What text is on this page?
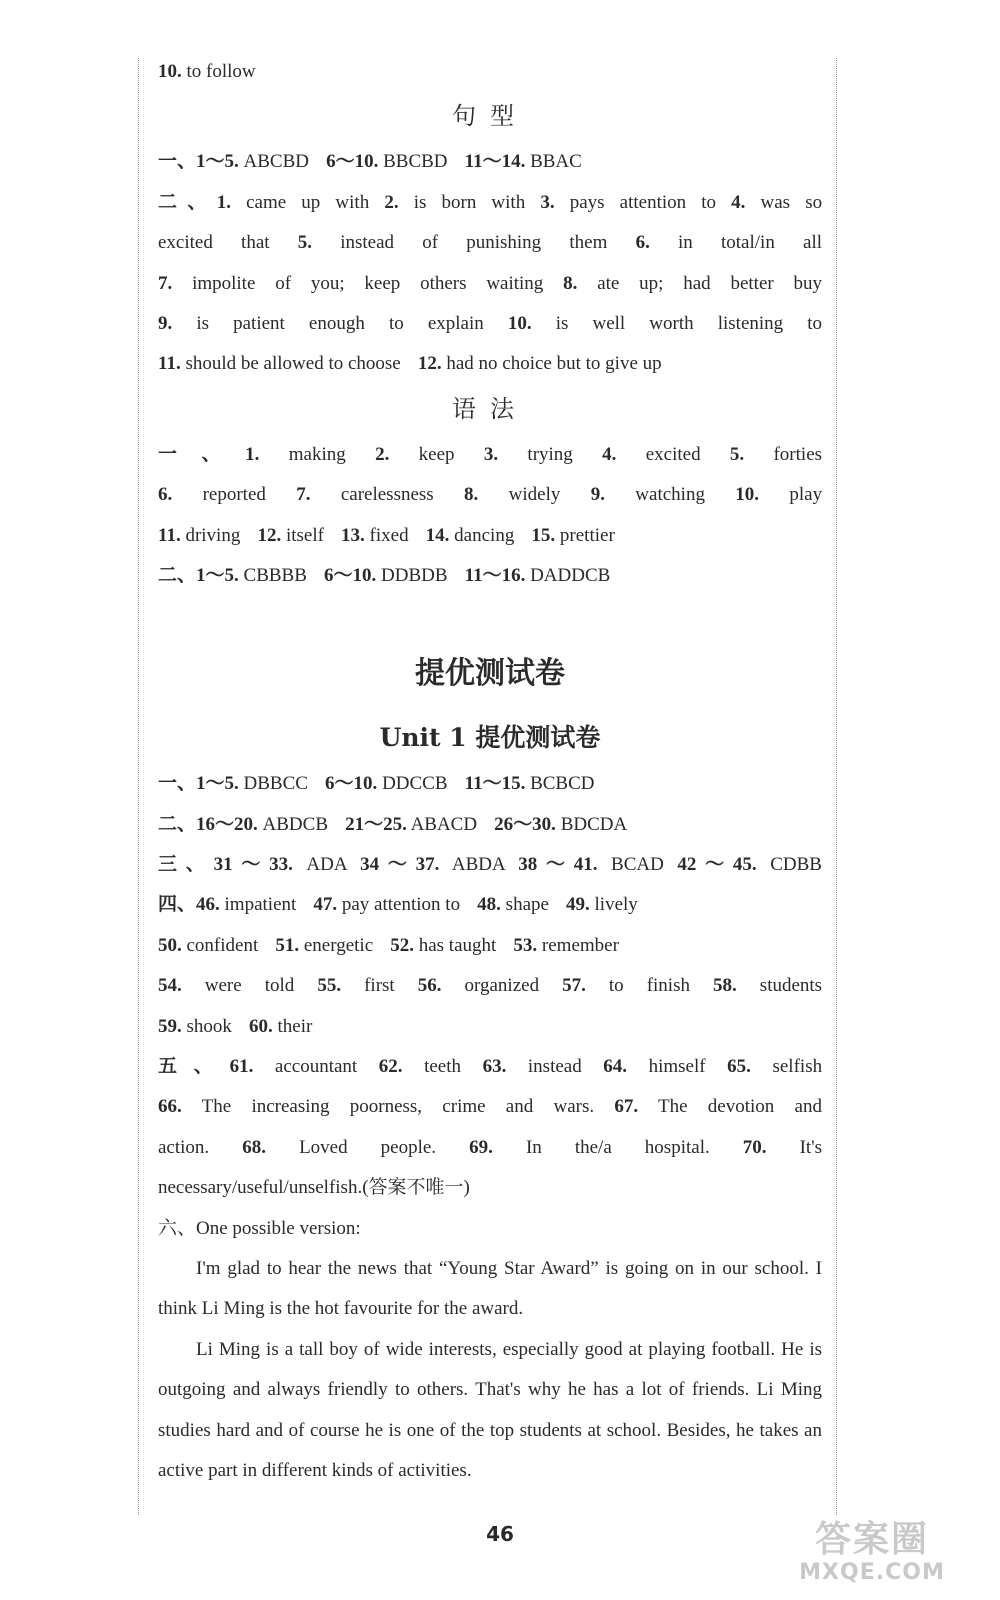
10. to follow
句型
一、1～5. ABCBD 6～10. BBCBD 11～14. BBAC
二、1. came up with 2. is born with 3. pays attention to 4. was so
excited that 5. instead of punishing them 6. in total/in all
7. impolite of you; keep others waiting 8. ate up; had better buy
9. is patient enough to explain 10. is well worth listening to
11. should be allowed to choose 12. had no choice but to give up
语法
一、1. making 2. keep 3. trying 4. excited 5. forties
6. reported 7. carelessness 8. widely 9. watching 10. play
11. driving 12. itself 13. fixed 14. dancing 15. prettier
二、1～5. CBBBB 6～10. DDBDB 11～16. DADDCB
提优测试卷
Unit 1 提优测试卷
一、1～5. DBBCC 6～10. DDCCB 11～15. BCBCD
二、16～20. ABDCB 21～25. ABACD 26～30. BDCDA
三、31～33. ADA 34～37. ABDA 38～41. BCAD 42～45. CDBB
四、46. impatient 47. pay attention to 48. shape 49. lively
50. confident 51. energetic 52. has taught 53. remember
54. were told 55. first 56. organized 57. to finish 58. students
59. shook 60. their
五、61. accountant 62. teeth 63. instead 64. himself 65. selfish
66. The increasing poorness, crime and wars. 67. The devotion and
action. 68. Loved people. 69. In the/a hospital. 70. It's
necessary/useful/unselfish.(答案不唯一)
六、One possible version:

I'm glad to hear the news that “Young Star Award” is going on in our school. I think Li Ming is the hot favourite for the award.

Li Ming is a tall boy of wide interests, especially good at playing football. He is outgoing and always friendly to others. That's why he has a lot of friends. Li Ming studies hard and of course he is one of the top students at school. Besides, he takes an active part in different kinds of activities.

46	答案圈
MXQE.COM
